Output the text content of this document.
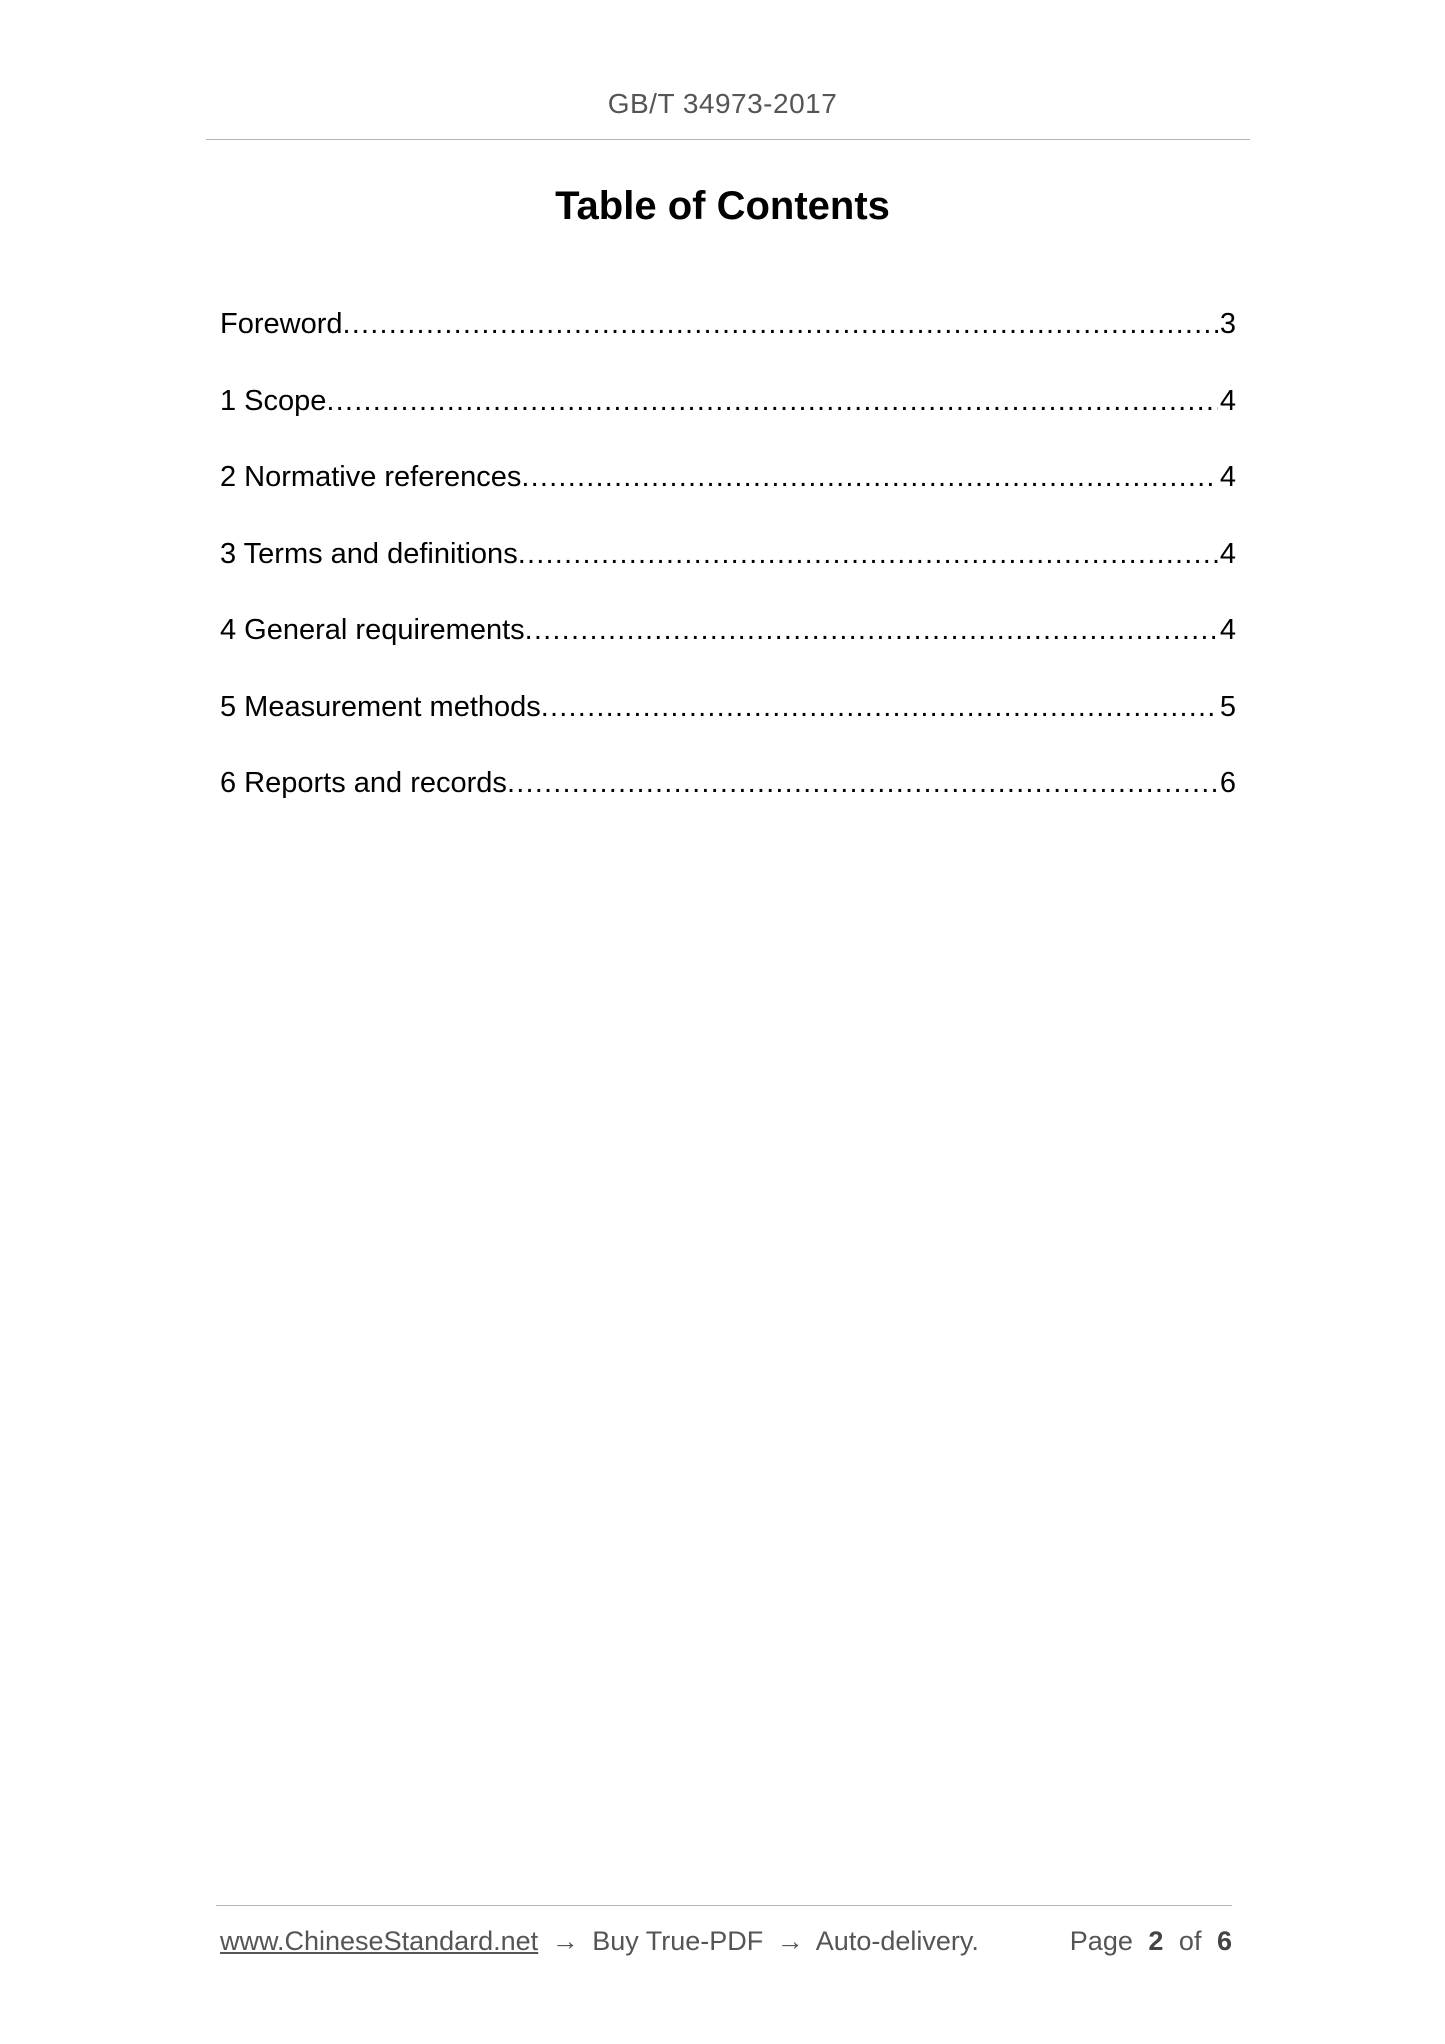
GB/T 34973-2017
Table of Contents
Foreword .....	3
1 Scope .....	4
2 Normative references .....	4
3 Terms and definitions .....	4
4 General requirements .....	4
5 Measurement methods .....	5
6 Reports and records .....	6
www.ChineseStandard.net → Buy True-PDF → Auto-delivery.	Page 2 of 6
